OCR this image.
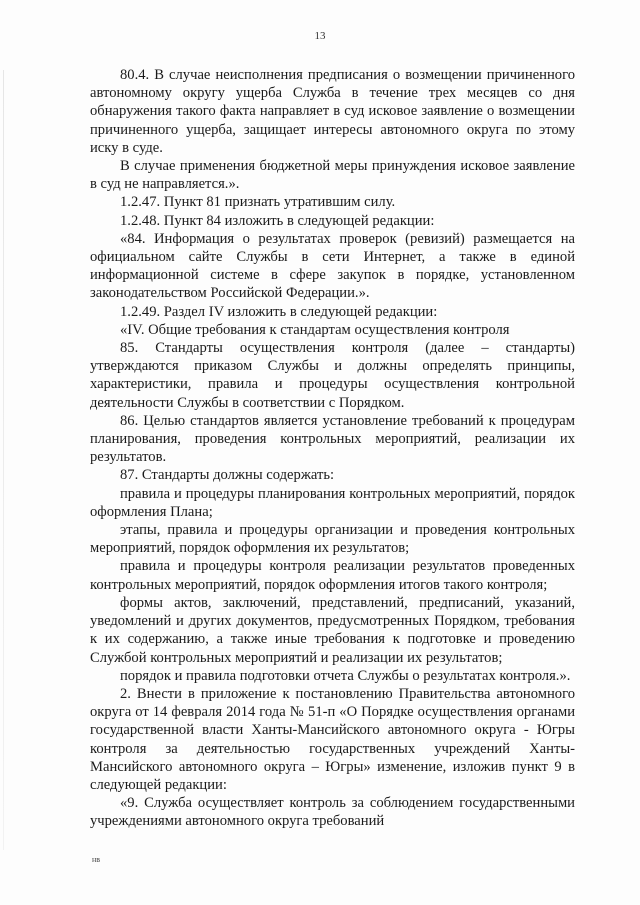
13

80.4. В случае неисполнения предписания о возмещении причиненного автономному округу ущерба Служба в течение трех месяцев со дня обнаружения такого факта направляет в суд исковое заявление о возмещении причиненного ущерба, защищает интересы автономного округа по этому иску в суде.

В случае применения бюджетной меры принуждения исковое заявление в суд не направляется.».

1.2.47. Пункт 81 признать утратившим силу.

1.2.48. Пункт 84 изложить в следующей редакции:

«84. Информация о результатах проверок (ревизий) размещается на официальном сайте Службы в сети Интернет, а также в единой информационной системе в сфере закупок в порядке, установленном законодательством Российской Федерации.».

1.2.49. Раздел IV изложить в следующей редакции:

«IV. Общие требования к стандартам осуществления контроля

85. Стандарты осуществления контроля (далее – стандарты) утверждаются приказом Службы и должны определять принципы, характеристики, правила и процедуры осуществления контрольной деятельности Службы в соответствии с Порядком.

86. Целью стандартов является установление требований к процедурам планирования, проведения контрольных мероприятий, реализации их результатов.

87. Стандарты должны содержать:

правила и процедуры планирования контрольных мероприятий, порядок оформления Плана;

этапы, правила и процедуры организации и проведения контрольных мероприятий, порядок оформления их результатов;

правила и процедуры контроля реализации результатов проведенных контрольных мероприятий, порядок оформления итогов такого контроля;

формы актов, заключений, представлений, предписаний, указаний, уведомлений и других документов, предусмотренных Порядком, требования к их содержанию, а также иные требования к подготовке и проведению Службой контрольных мероприятий и реализации их результатов;

порядок и правила подготовки отчета Службы о результатах контроля.».

2. Внести в приложение к постановлению Правительства автономного округа от 14 февраля 2014 года № 51-п «О Порядке осуществления органами государственной власти Ханты-Мансийского автономного округа - Югры контроля за деятельностью государственных учреждений Ханты-Мансийского автономного округа – Югры» изменение, изложив пункт 9 в следующей редакции:

«9. Служба осуществляет контроль за соблюдением государственными учреждениями автономного округа требований

нв
